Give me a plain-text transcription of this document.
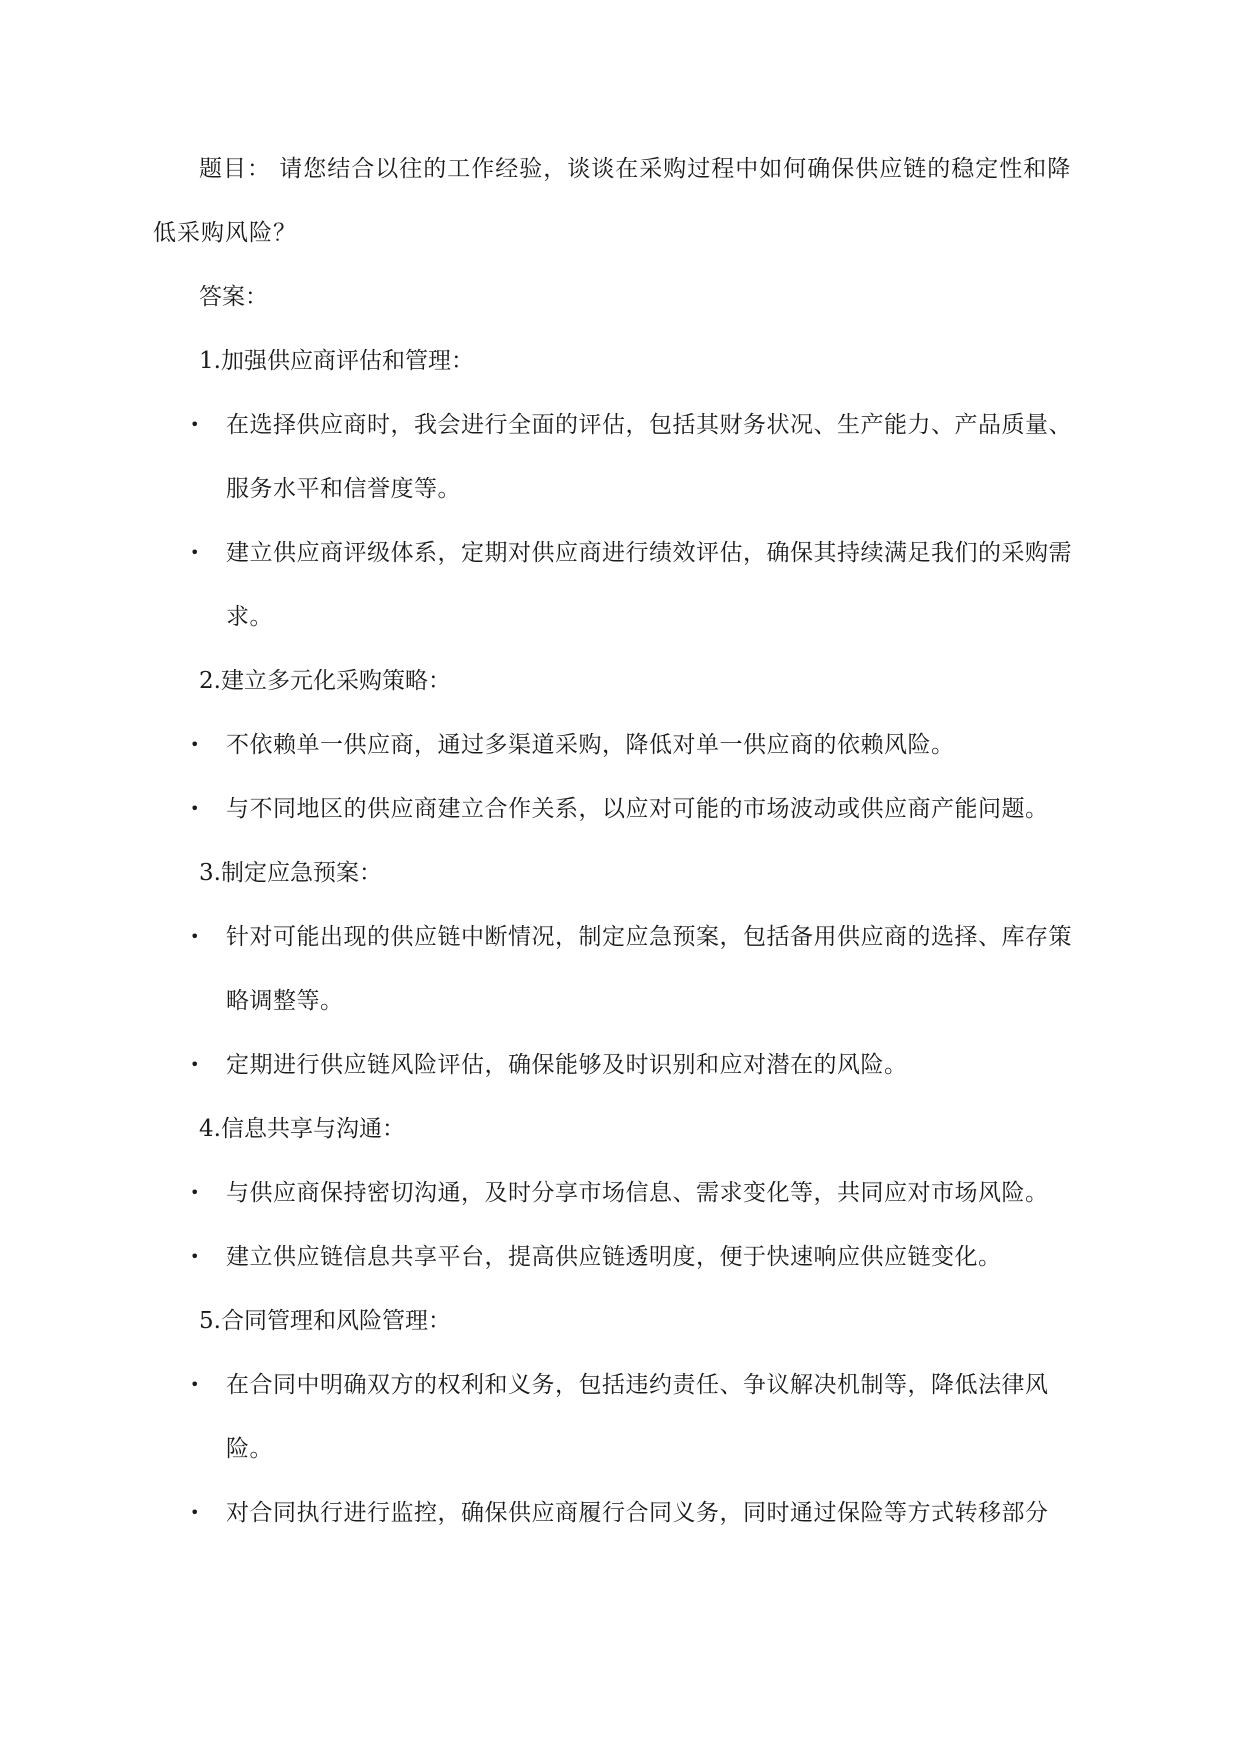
题目： 请您结合以往的工作经验，谈谈在采购过程中如何确保供应链的稳定性和降低采购风险？

答案：

1.加强供应商评估和管理：

• 在选择供应商时，我会进行全面的评估，包括其财务状况、生产能力、产品质量、服务水平和信誉度等。
• 建立供应商评级体系，定期对供应商进行绩效评估，确保其持续满足我们的采购需求。

2.建立多元化采购策略：

• 不依赖单一供应商，通过多渠道采购，降低对单一供应商的依赖风险。
• 与不同地区的供应商建立合作关系，以应对可能的市场波动或供应商产能问题。

3.制定应急预案：

• 针对可能出现的供应链中断情况，制定应急预案，包括备用供应商的选择、库存策略调整等。
• 定期进行供应链风险评估，确保能够及时识别和应对潜在的风险。

4.信息共享与沟通：

• 与供应商保持密切沟通，及时分享市场信息、需求变化等，共同应对市场风险。
• 建立供应链信息共享平台，提高供应链透明度，便于快速响应供应链变化。

5.合同管理和风险管理：

• 在合同中明确双方的权利和义务，包括违约责任、争议解决机制等，降低法律风险。
• 对合同执行进行监控，确保供应商履行合同义务，同时通过保险等方式转移部分
